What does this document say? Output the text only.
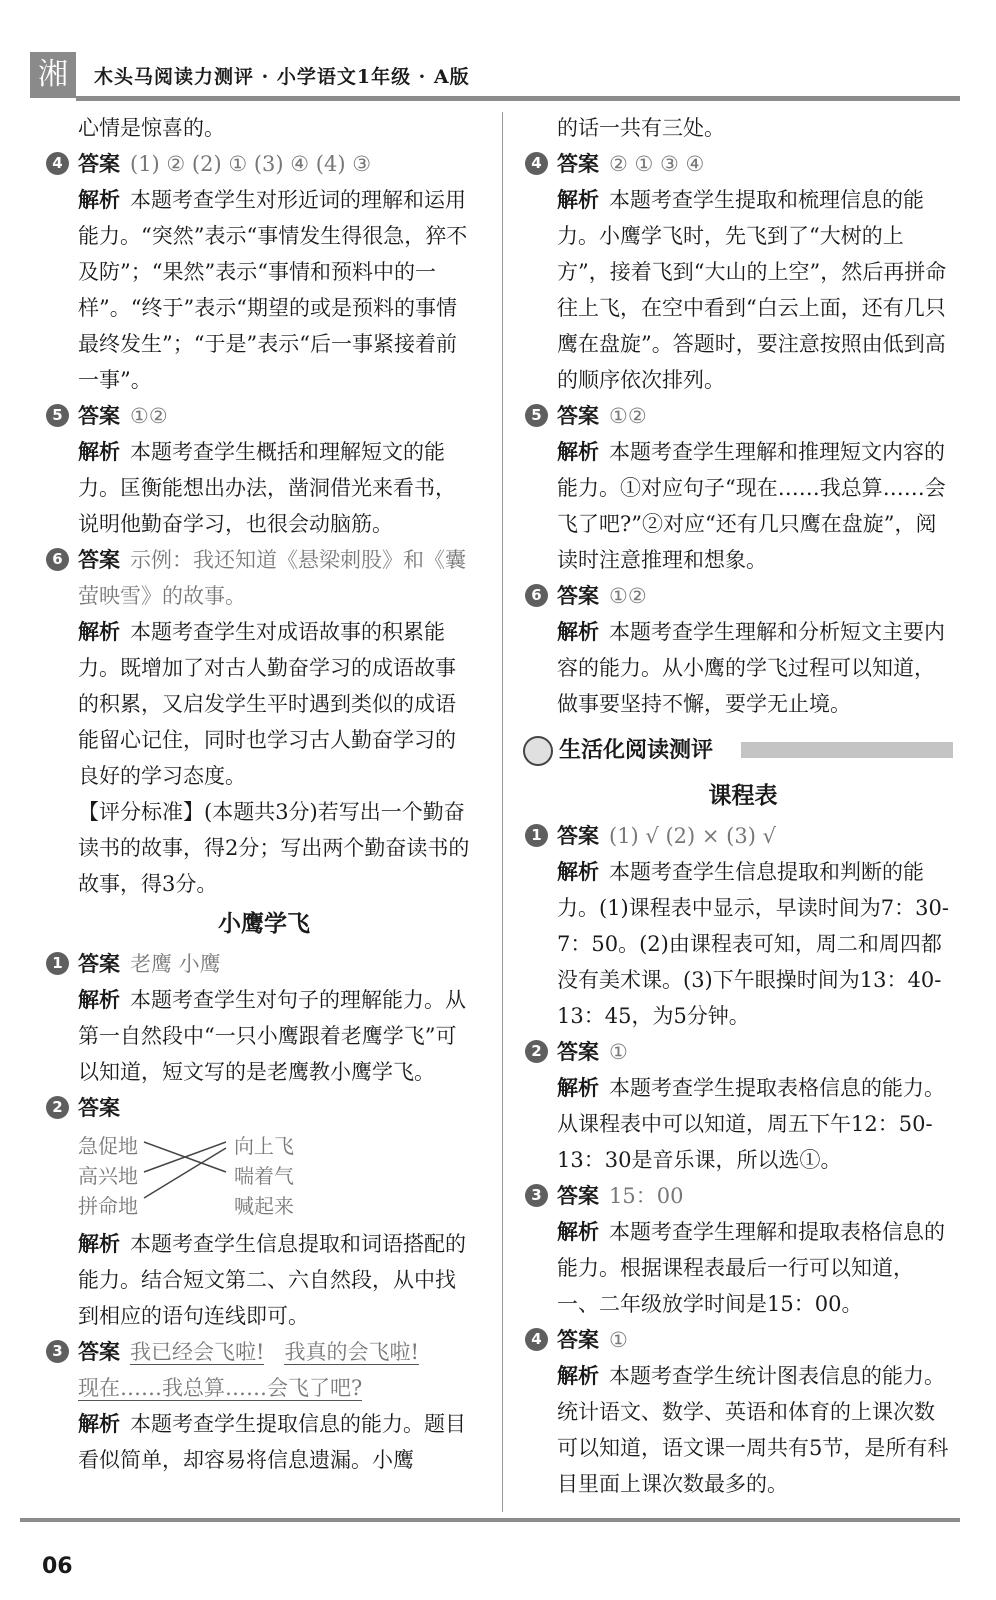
湘	木头马阅读力测评 · 小学语文1年级 · A版

心情是惊喜的。

4 答案 (1) ② (2) ① (3) ④ (4) ③

解析 本题考查学生对形近词的理解和运用能力。“突然”表示“事情发生得很急，猝不及防”；“果然”表示“事情和预料中的一样”。“终于”表示“期望的或是预料的事情最终发生”；“于是”表示“后一事紧接着前一事”。

5 答案 ①②

解析 本题考查学生概括和理解短文的能力。匡衡能想出办法，凿洞借光来看书，说明他勤奋学习，也很会动脑筋。

6 答案 示例：我还知道《悬梁刺股》和《囊萤映雪》的故事。

解析 本题考查学生对成语故事的积累能力。既增加了对古人勤奋学习的成语故事的积累，又启发学生平时遇到类似的成语能留心记住，同时也学习古人勤奋学习的良好的学习态度。

【评分标准】(本题共3分)若写出一个勤奋读书的故事，得2分；写出两个勤奋读书的故事，得3分。

小鹰学飞
1 答案 老鹰 小鹰

解析 本题考查学生对句子的理解能力。从第一自然段中“一只小鹰跟着老鹰学飞”可以知道，短文写的是老鹰教小鹰学飞。

2 答案
急促地
高兴地
拼命地
向上飞
喘着气
喊起来

解析 本题考查学生信息提取和词语搭配的能力。结合短文第二、六自然段，从中找到相应的语句连线即可。

3 答案 我已经会飞啦! 我真的会飞啦!

现在……我总算……会飞了吧?

解析 本题考查学生提取信息的能力。题目看似简单，却容易将信息遗漏。小鹰

的话一共有三处。

4 答案 ② ① ③ ④

解析 本题考查学生提取和梳理信息的能力。小鹰学飞时，先飞到了“大树的上方”，接着飞到“大山的上空”，然后再拼命往上飞，在空中看到“白云上面，还有几只鹰在盘旋”。答题时，要注意按照由低到高的顺序依次排列。

5 答案 ①②

解析 本题考查学生理解和推理短文内容的能力。①对应句子“现在……我总算……会飞了吧?”②对应“还有几只鹰在盘旋”，阅读时注意推理和想象。

6 答案 ①②

解析 本题考查学生理解和分析短文主要内容的能力。从小鹰的学飞过程可以知道，做事要坚持不懈，要学无止境。

生活化阅读测评
课程表
1 答案 (1) √ (2) × (3) √

解析 本题考查学生信息提取和判断的能力。(1)课程表中显示，早读时间为7：30-7：50。(2)由课程表可知，周二和周四都没有美术课。(3)下午眼操时间为13：40-13：45，为5分钟。

2 答案 ①

解析 本题考查学生提取表格信息的能力。从课程表中可以知道，周五下午12：50-13：30是音乐课，所以选①。

3 答案 15：00

解析 本题考查学生理解和提取表格信息的能力。根据课程表最后一行可以知道，一、二年级放学时间是15：00。

4 答案 ①

解析 本题考查学生统计图表信息的能力。统计语文、数学、英语和体育的上课次数可以知道，语文课一周共有5节，是所有科目里面上课次数最多的。

06
